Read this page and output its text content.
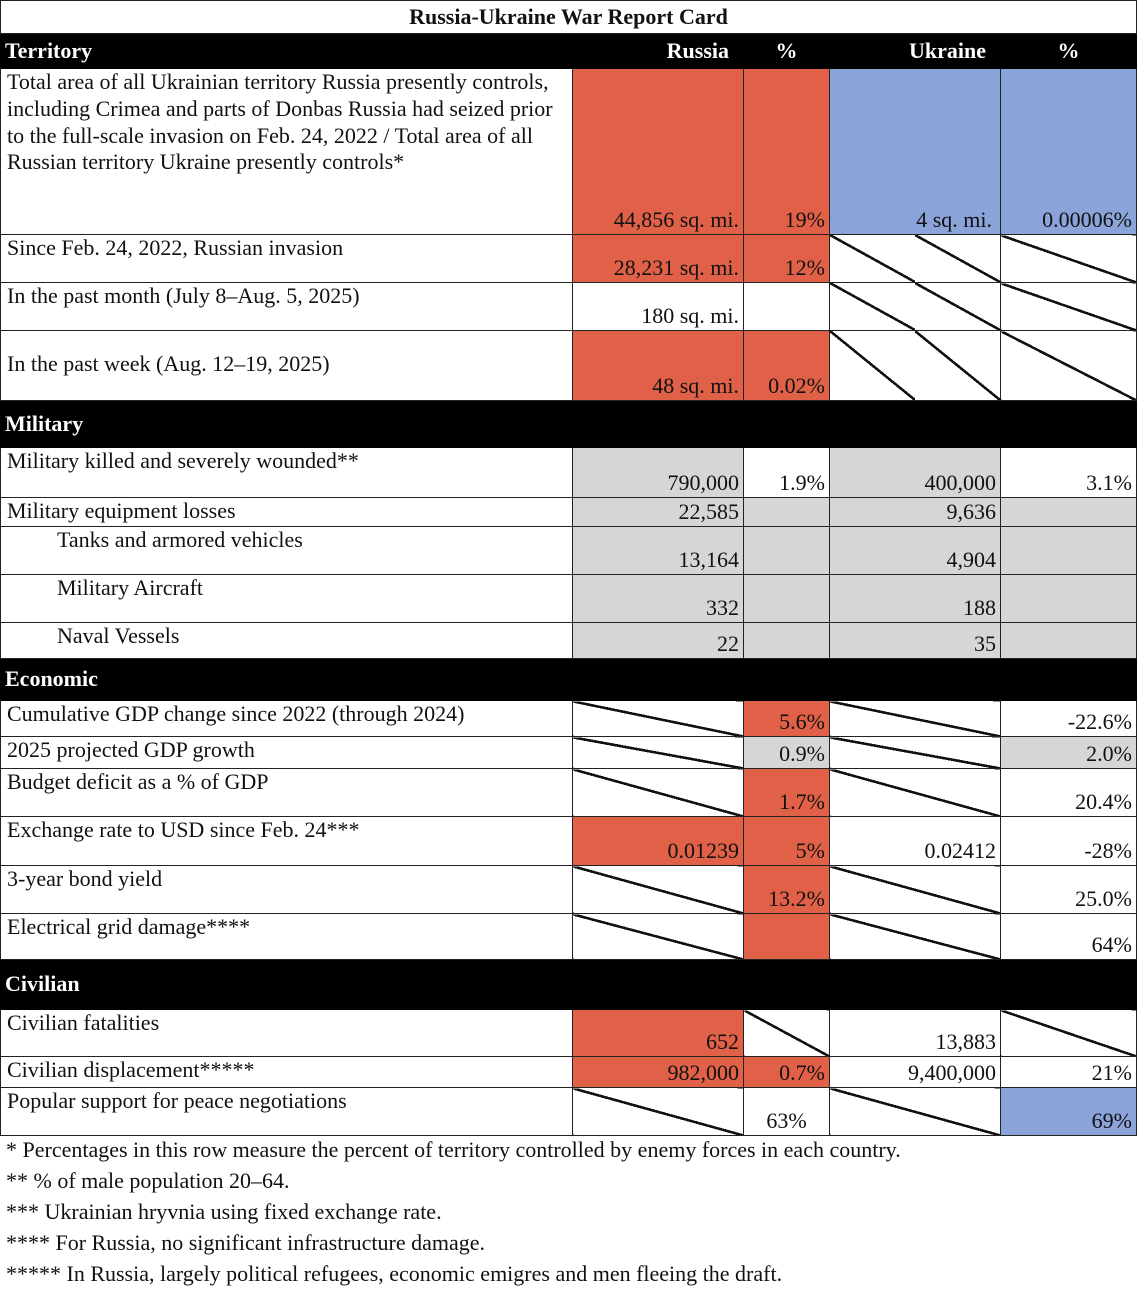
Russia-Ukraine War Report Card				
Territory	Russia	%	Ukraine	%
Total area of all Ukrainian territory Russia presently controls, including Crimea and parts of Donbas Russia had seized prior to the full-scale invasion on Feb. 24, 2022 / Total area of all Russian territory Ukraine presently controls*	44,856 sq. mi.	19%	4 sq. mi.	0.00006%
Since Feb. 24, 2022, Russian invasion	28,231 sq. mi.	12%		
In the past month (July 8–Aug. 5, 2025)	180 sq. mi.			
In the past week (Aug. 12–19, 2025)	48 sq. mi.	0.02%		
Military				
Military killed and severely wounded**	790,000	1.9%	400,000	3.1%
Military equipment losses	22,585		9,636	
Tanks and armored vehicles	13,164		4,904	
Military Aircraft	332		188	
Naval Vessels	22		35	
Economic				
Cumulative GDP change since 2022 (through 2024)		5.6%		-22.6%
2025 projected GDP growth		0.9%		2.0%
Budget deficit as a % of GDP		1.7%		20.4%
Exchange rate to USD since Feb. 24***	0.01239	5%	0.02412	-28%
3-year bond yield		13.2%		25.0%
Electrical grid damage****				64%
Civilian				
Civilian fatalities	652		13,883	
Civilian displacement*****	982,000	0.7%	9,400,000	21%
Popular support for peace negotiations		63%		69%
* Percentages in this row measure the percent of territory controlled by enemy forces in each country.
** % of male population 20–64.
*** Ukrainian hryvnia using fixed exchange rate.
**** For Russia, no significant infrastructure damage.
***** In Russia, largely political refugees, economic emigres and men fleeing the draft.
